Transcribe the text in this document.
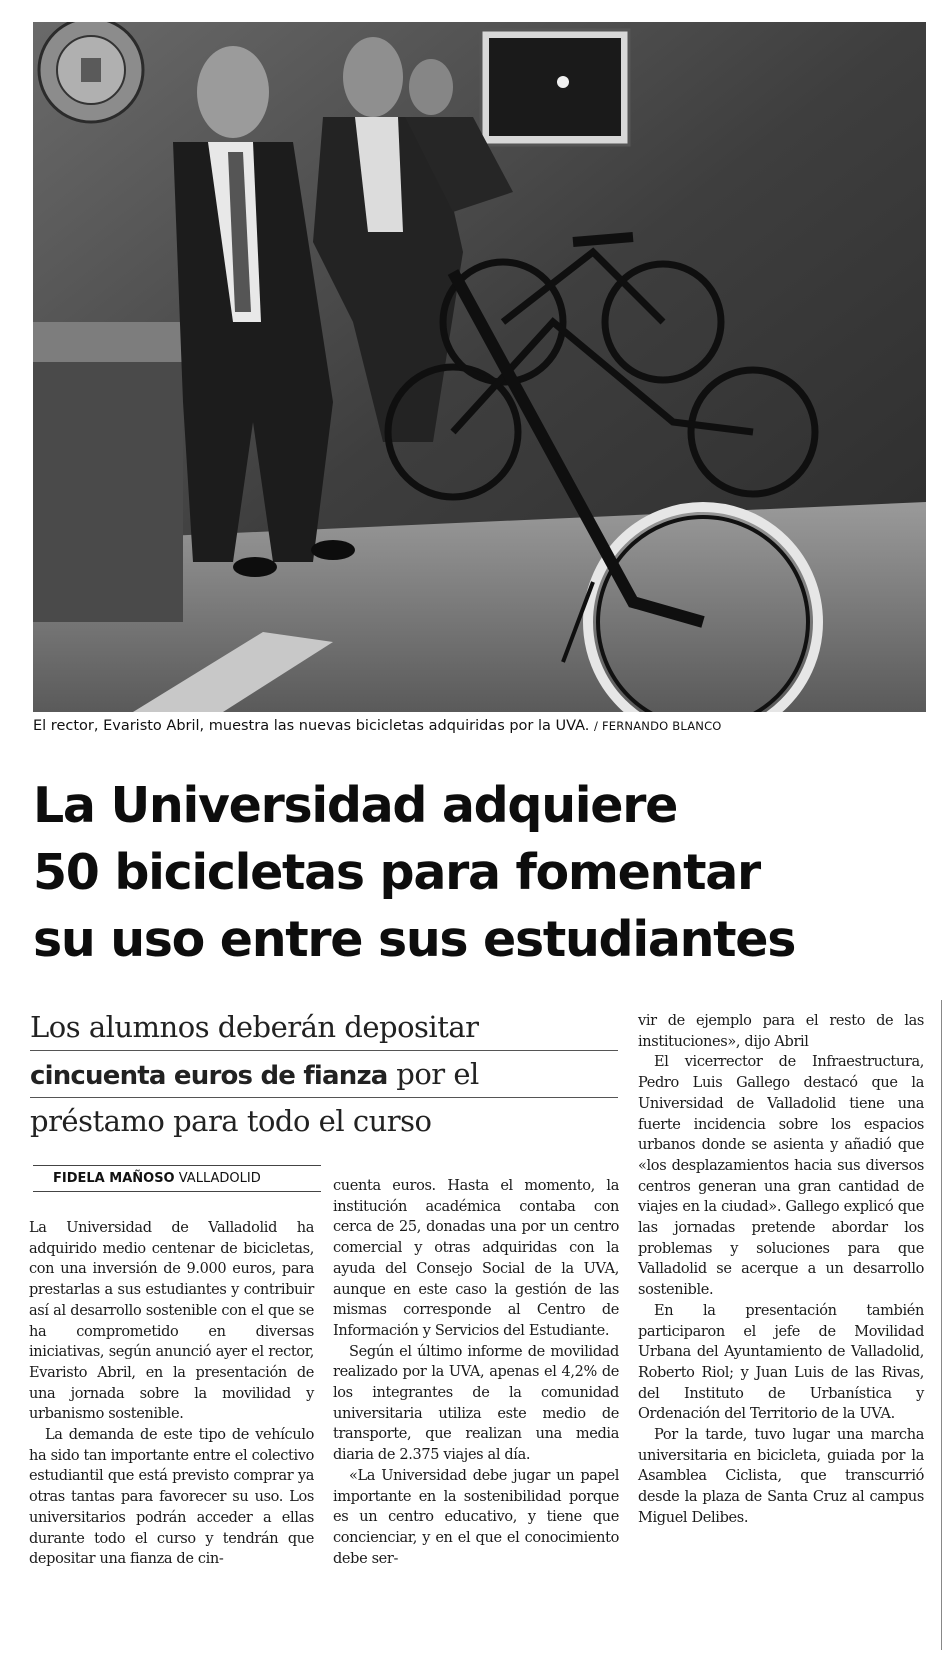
El rector, Evaristo Abril, muestra las nuevas bicicletas adquiridas por la UVA. / FERNANDO BLANCO
La Universidad adquiere
50 bicicletas para fomentar
su uso entre sus estudiantes
Los alumnos deberán depositar
cincuenta euros de fianza por el
préstamo para todo el curso
FIDELA MAÑOSO VALLADOLID

La Universidad de Valladolid ha adquirido medio centenar de bicicletas, con una inversión de 9.000 euros, para prestarlas a sus estudiantes y contribuir así al desarrollo sostenible con el que se ha comprometido en diversas iniciativas, según anunció ayer el rector, Evaristo Abril, en la presentación de una jornada sobre la movilidad y urbanismo sostenible.

La demanda de este tipo de vehículo ha sido tan importante entre el colectivo estudiantil que está previsto comprar ya otras tantas para favorecer su uso. Los universitarios podrán acceder a ellas durante todo el curso y tendrán que depositar una fianza de cin-

cuenta euros. Hasta el momento, la institución académica contaba con cerca de 25, donadas una por un centro comercial y otras adquiridas con la ayuda del Consejo Social de la UVA, aunque en este caso la gestión de las mismas corresponde al Centro de Información y Servicios del Estudiante.

Según el último informe de movilidad realizado por la UVA, apenas el 4,2% de los integrantes de la comunidad universitaria utiliza este medio de transporte, que realizan una media diaria de 2.375 viajes al día.

«La Universidad debe jugar un papel importante en la sostenibilidad porque es un centro educativo, y tiene que concienciar, y en el que el conocimiento debe ser-

vir de ejemplo para el resto de las instituciones», dijo Abril

El vicerrector de Infraestructura, Pedro Luis Gallego destacó que la Universidad de Valladolid tiene una fuerte incidencia sobre los espacios urbanos donde se asienta y añadió que «los desplazamientos hacia sus diversos centros generan una gran cantidad de viajes en la ciudad». Gallego explicó que las jornadas pretende abordar los problemas y soluciones para que Valladolid se acerque a un desarrollo sostenible.

En la presentación también participaron el jefe de Movilidad Urbana del Ayuntamiento de Valladolid, Roberto Riol; y Juan Luis de las Rivas, del Instituto de Urbanística y Ordenación del Territorio de la UVA.

Por la tarde, tuvo lugar una marcha universitaria en bicicleta, guiada por la Asamblea Ciclista, que transcurrió desde la plaza de Santa Cruz al campus Miguel Delibes.
